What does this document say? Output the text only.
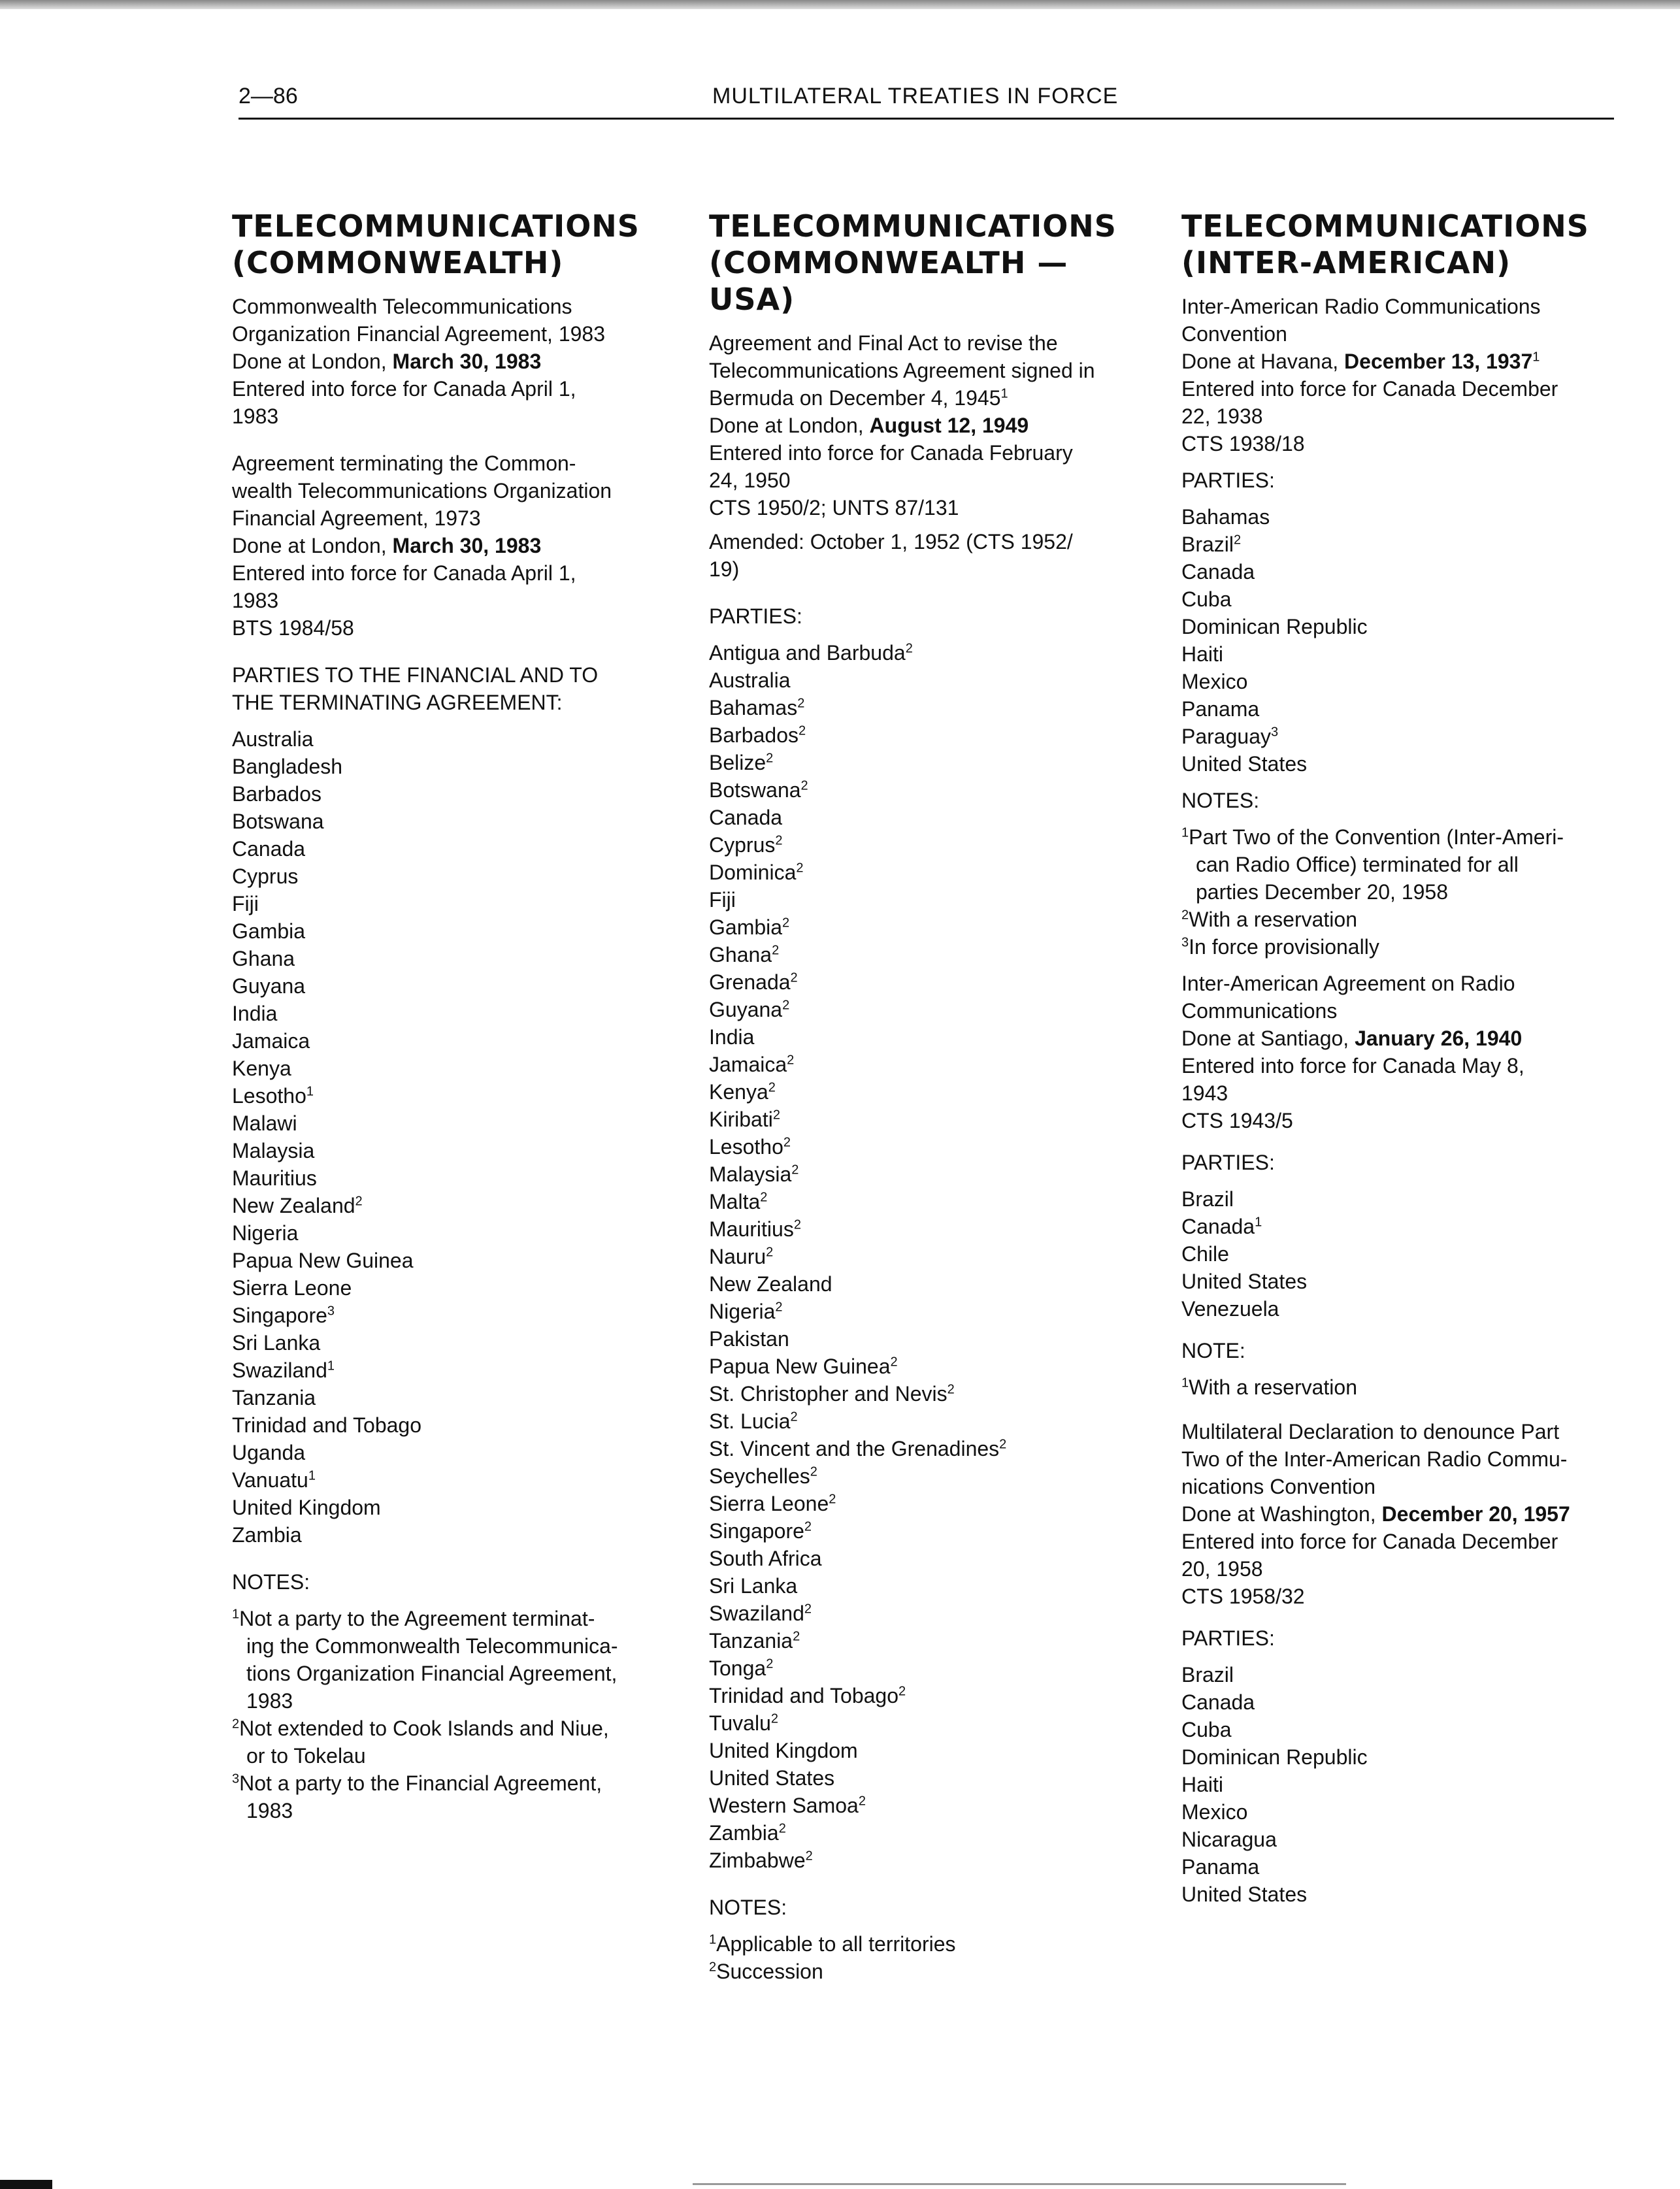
2—86	MULTILATERAL TREATIES IN FORCE
TELECOMMUNICATIONS
(COMMONWEALTH)
Commonwealth Telecommunications
Organization Financial Agreement, 1983
Done at London, March 30, 1983
Entered into force for Canada April 1,
1983
Agreement terminating the Common-
wealth Telecommunications Organization
Financial Agreement, 1973
Done at London, March 30, 1983
Entered into force for Canada April 1,
1983
BTS 1984/58
PARTIES TO THE FINANCIAL AND TO
THE TERMINATING AGREEMENT:
Australia
Bangladesh
Barbados
Botswana
Canada
Cyprus
Fiji
Gambia
Ghana
Guyana
India
Jamaica
Kenya
Lesotho$^1$
Malawi
Malaysia
Mauritius
New Zealand$^2$
Nigeria
Papua New Guinea
Sierra Leone
Singapore$^3$
Sri Lanka
Swaziland$^1$
Tanzania
Trinidad and Tobago
Uganda
Vanuatu$^1$
United Kingdom
Zambia
NOTES:
$^1$Not a party to the Agreement terminat-
ing the Commonwealth Telecommunica-
tions Organization Financial Agreement,
1983
$^2$Not extended to Cook Islands and Niue,
or to Tokelau
$^3$Not a party to the Financial Agreement,
1983
TELECOMMUNICATIONS
(COMMONWEALTH —
USA)
Agreement and Final Act to revise the
Telecommunications Agreement signed in
Bermuda on December 4, 1945$^1$
Done at London, August 12, 1949
Entered into force for Canada February
24, 1950
CTS 1950/2; UNTS 87/131
Amended: October 1, 1952 (CTS 1952/
19)
PARTIES:
Antigua and Barbuda$^2$
Australia
Bahamas$^2$
Barbados$^2$
Belize$^2$
Botswana$^2$
Canada
Cyprus$^2$
Dominica$^2$
Fiji
Gambia$^2$
Ghana$^2$
Grenada$^2$
Guyana$^2$
India
Jamaica$^2$
Kenya$^2$
Kiribati$^2$
Lesotho$^2$
Malaysia$^2$
Malta$^2$
Mauritius$^2$
Nauru$^2$
New Zealand
Nigeria$^2$
Pakistan
Papua New Guinea$^2$
St. Christopher and Nevis$^2$
St. Lucia$^2$
St. Vincent and the Grenadines$^2$
Seychelles$^2$
Sierra Leone$^2$
Singapore$^2$
South Africa
Sri Lanka
Swaziland$^2$
Tanzania$^2$
Tonga$^2$
Trinidad and Tobago$^2$
Tuvalu$^2$
United Kingdom
United States
Western Samoa$^2$
Zambia$^2$
Zimbabwe$^2$
NOTES:
$^1$Applicable to all territories
$^2$Succession
TELECOMMUNICATIONS
(INTER-AMERICAN)
Inter-American Radio Communications
Convention
Done at Havana, December 13, 1937$^1$
Entered into force for Canada December
22, 1938
CTS 1938/18
PARTIES:
Bahamas
Brazil$^2$
Canada
Cuba
Dominican Republic
Haiti
Mexico
Panama
Paraguay$^3$
United States
NOTES:
$^1$Part Two of the Convention (Inter-Ameri-
can Radio Office) terminated for all
parties December 20, 1958
$^2$With a reservation
$^3$In force provisionally
Inter-American Agreement on Radio
Communications
Done at Santiago, January 26, 1940
Entered into force for Canada May 8,
1943
CTS 1943/5
PARTIES:
Brazil
Canada$^1$
Chile
United States
Venezuela
NOTE:
$^1$With a reservation
Multilateral Declaration to denounce Part
Two of the Inter-American Radio Commu-
nications Convention
Done at Washington, December 20, 1957
Entered into force for Canada December
20, 1958
CTS 1958/32
PARTIES:
Brazil
Canada
Cuba
Dominican Republic
Haiti
Mexico
Nicaragua
Panama
United States
